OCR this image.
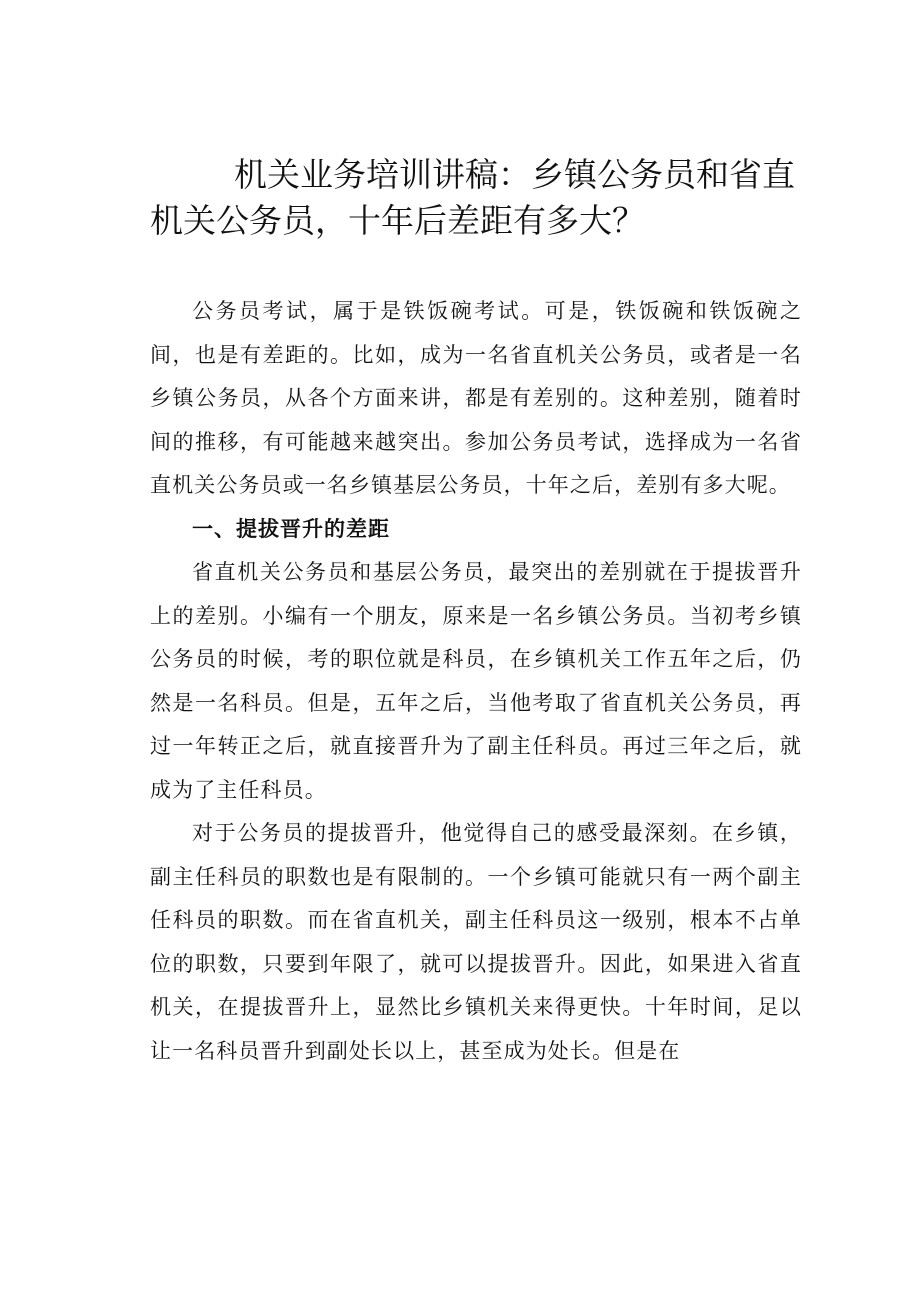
机关业务培训讲稿：乡镇公务员和省直机关公务员，十年后差距有多大？

公务员考试，属于是铁饭碗考试。可是，铁饭碗和铁饭碗之间，也是有差距的。比如，成为一名省直机关公务员，或者是一名乡镇公务员，从各个方面来讲，都是有差别的。这种差别，随着时间的推移，有可能越来越突出。参加公务员考试，选择成为一名省直机关公务员或一名乡镇基层公务员，十年之后，差别有多大呢。

一、提拔晋升的差距

省直机关公务员和基层公务员，最突出的差别就在于提拔晋升上的差别。小编有一个朋友，原来是一名乡镇公务员。当初考乡镇公务员的时候，考的职位就是科员，在乡镇机关工作五年之后，仍然是一名科员。但是，五年之后，当他考取了省直机关公务员，再过一年转正之后，就直接晋升为了副主任科员。再过三年之后，就成为了主任科员。

对于公务员的提拔晋升，他觉得自己的感受最深刻。在乡镇，副主任科员的职数也是有限制的。一个乡镇可能就只有一两个副主任科员的职数。而在省直机关，副主任科员这一级别，根本不占单位的职数，只要到年限了，就可以提拔晋升。因此，如果进入省直机关，在提拔晋升上，显然比乡镇机关来得更快。十年时间，足以让一名科员晋升到副处长以上，甚至成为处长。但是在
